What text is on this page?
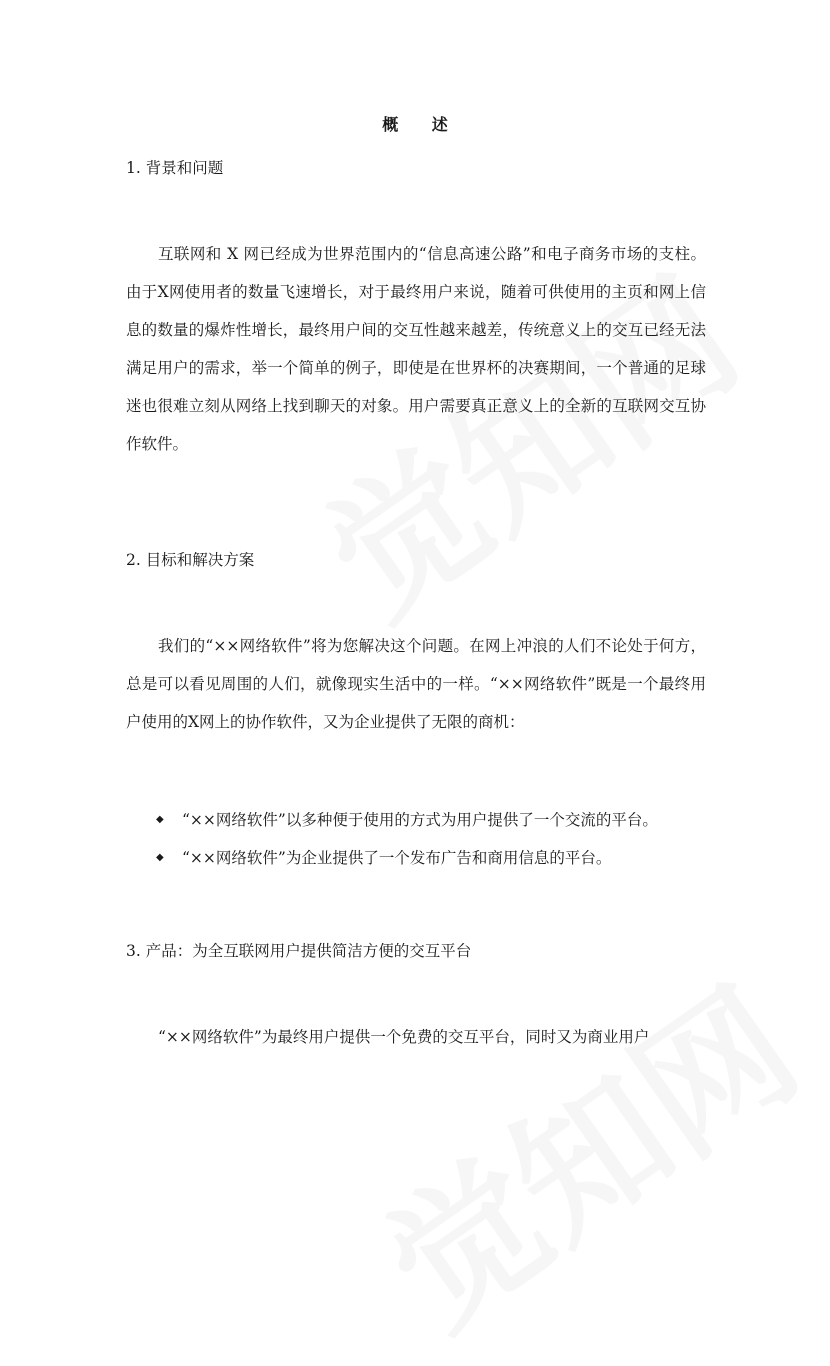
概 述
1. 背景和问题
互联网和 X 网已经成为世界范围内的“信息高速公路”和电子商务市场的支柱。由于X网使用者的数量飞速增长，对于最终用户来说，随着可供使用的主页和网上信息的数量的爆炸性增长，最终用户间的交互性越来越差，传统意义上的交互已经无法满足用户的需求，举一个简单的例子，即使是在世界杯的决赛期间，一个普通的足球迷也很难立刻从网络上找到聊天的对象。用户需要真正意义上的全新的互联网交互协作软件。
2. 目标和解决方案
我们的“××网络软件”将为您解决这个问题。在网上冲浪的人们不论处于何方，总是可以看见周围的人们，就像现实生活中的一样。“××网络软件”既是一个最终用户使用的X网上的协作软件，又为企业提供了无限的商机：
◆ “××网络软件”以多种便于使用的方式为用户提供了一个交流的平台。
◆ “××网络软件”为企业提供了一个发布广告和商用信息的平台。
3. 产品：为全互联网用户提供简洁方便的交互平台
“××网络软件”为最终用户提供一个免费的交互平台，同时又为商业用户
